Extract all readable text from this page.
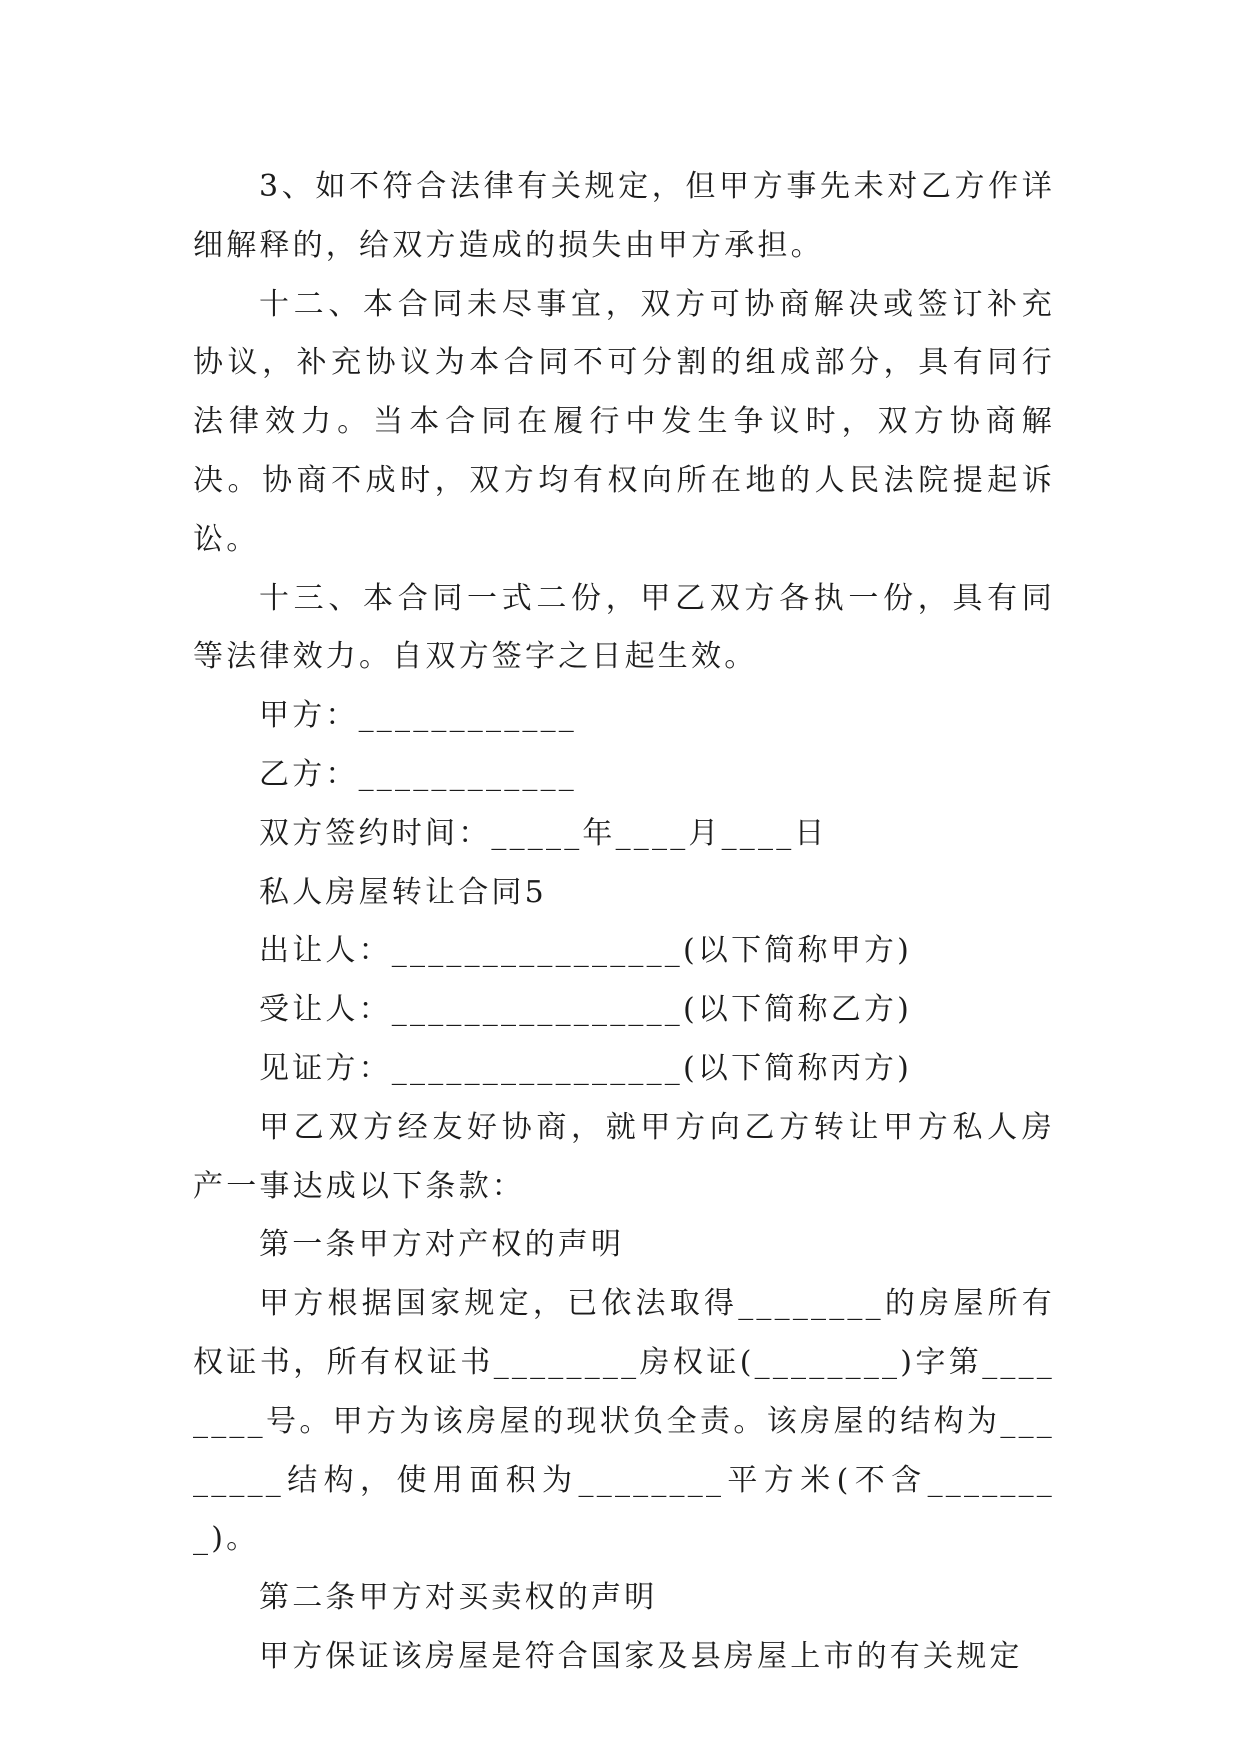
3、如不符合法律有关规定，但甲方事先未对乙方作详细解释的，给双方造成的损失由甲方承担。

十二、本合同未尽事宜，双方可协商解决或签订补充协议，补充协议为本合同不可分割的组成部分，具有同行法律效力。当本合同在履行中发生争议时，双方协商解决。协商不成时，双方均有权向所在地的人民法院提起诉讼。

十三、本合同一式二份，甲乙双方各执一份，具有同等法律效力。自双方签字之日起生效。

甲方：____________

乙方：____________

双方签约时间：_____年____月____日

私人房屋转让合同5

出让人：________________(以下简称甲方)

受让人：________________(以下简称乙方)

见证方：________________(以下简称丙方)

甲乙双方经友好协商，就甲方向乙方转让甲方私人房产一事达成以下条款：

第一条甲方对产权的声明

甲方根据国家规定，已依法取得________的房屋所有权证书，所有权证书________房权证(________)字第________号。甲方为该房屋的现状负全责。该房屋的结构为________结构，使用面积为________平方米(不含________)。

第二条甲方对买卖权的声明

甲方保证该房屋是符合国家及县房屋上市的有关规定
